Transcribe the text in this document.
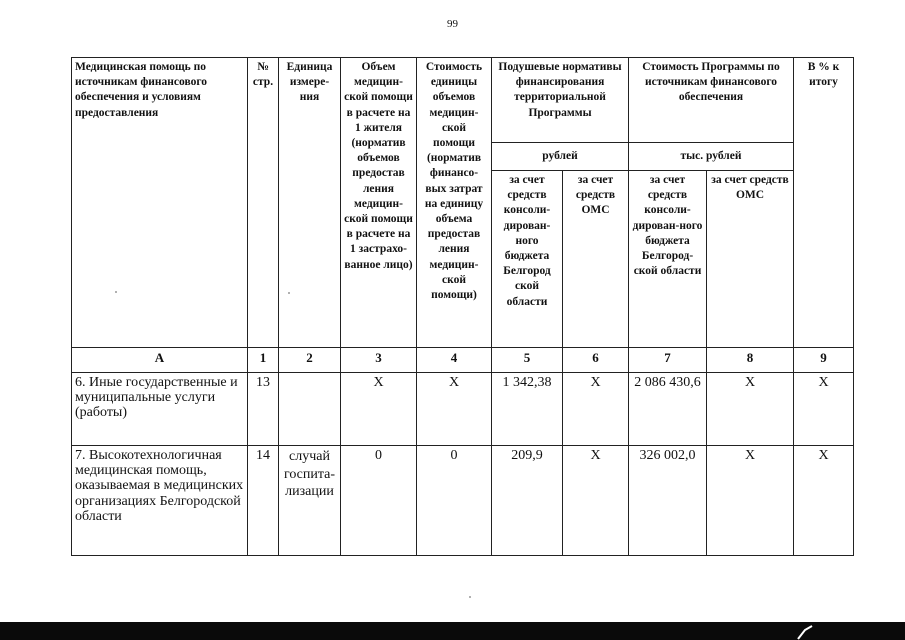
99
Медицинская помощь по источникам финансового обеспечения и условиям предоставления	№ стр.	Единица измере-ния	Объем медицин-ской помощи в расчете на 1 жителя (норматив объемов предостав ления медицин-ской помощи в расчете на 1 застрахо-ванное лицо)	Стоимость единицы объемов медицин-ской помощи (норматив финансо-вых затрат на единицу объема предостав ления медицин-ской помощи)	Подушевые нормативы финансирования территориальной Программы		Стоимость Программы по источникам финансового обеспечения		В % к итогу
					рублей		тыс. рублей		
					за счет средств консоли-дирован-ного бюджета Белгород ской области	за счет средств ОМС	за счет средств консоли-дирован-ного бюджета Белгород-ской области	за счет средств ОМС	
А	1	2	3	4	5	6	7	8	9
6. Иные государственные и муниципальные услуги (работы)	13		Х	Х	1 342,38	Х	2 086 430,6	Х	Х
7. Высокотехнологичная медицинская помощь, оказываемая в медицинских организациях Белгородской области	14	случай госпита-лизации	0	0	209,9	Х	326 002,0	Х	Х
